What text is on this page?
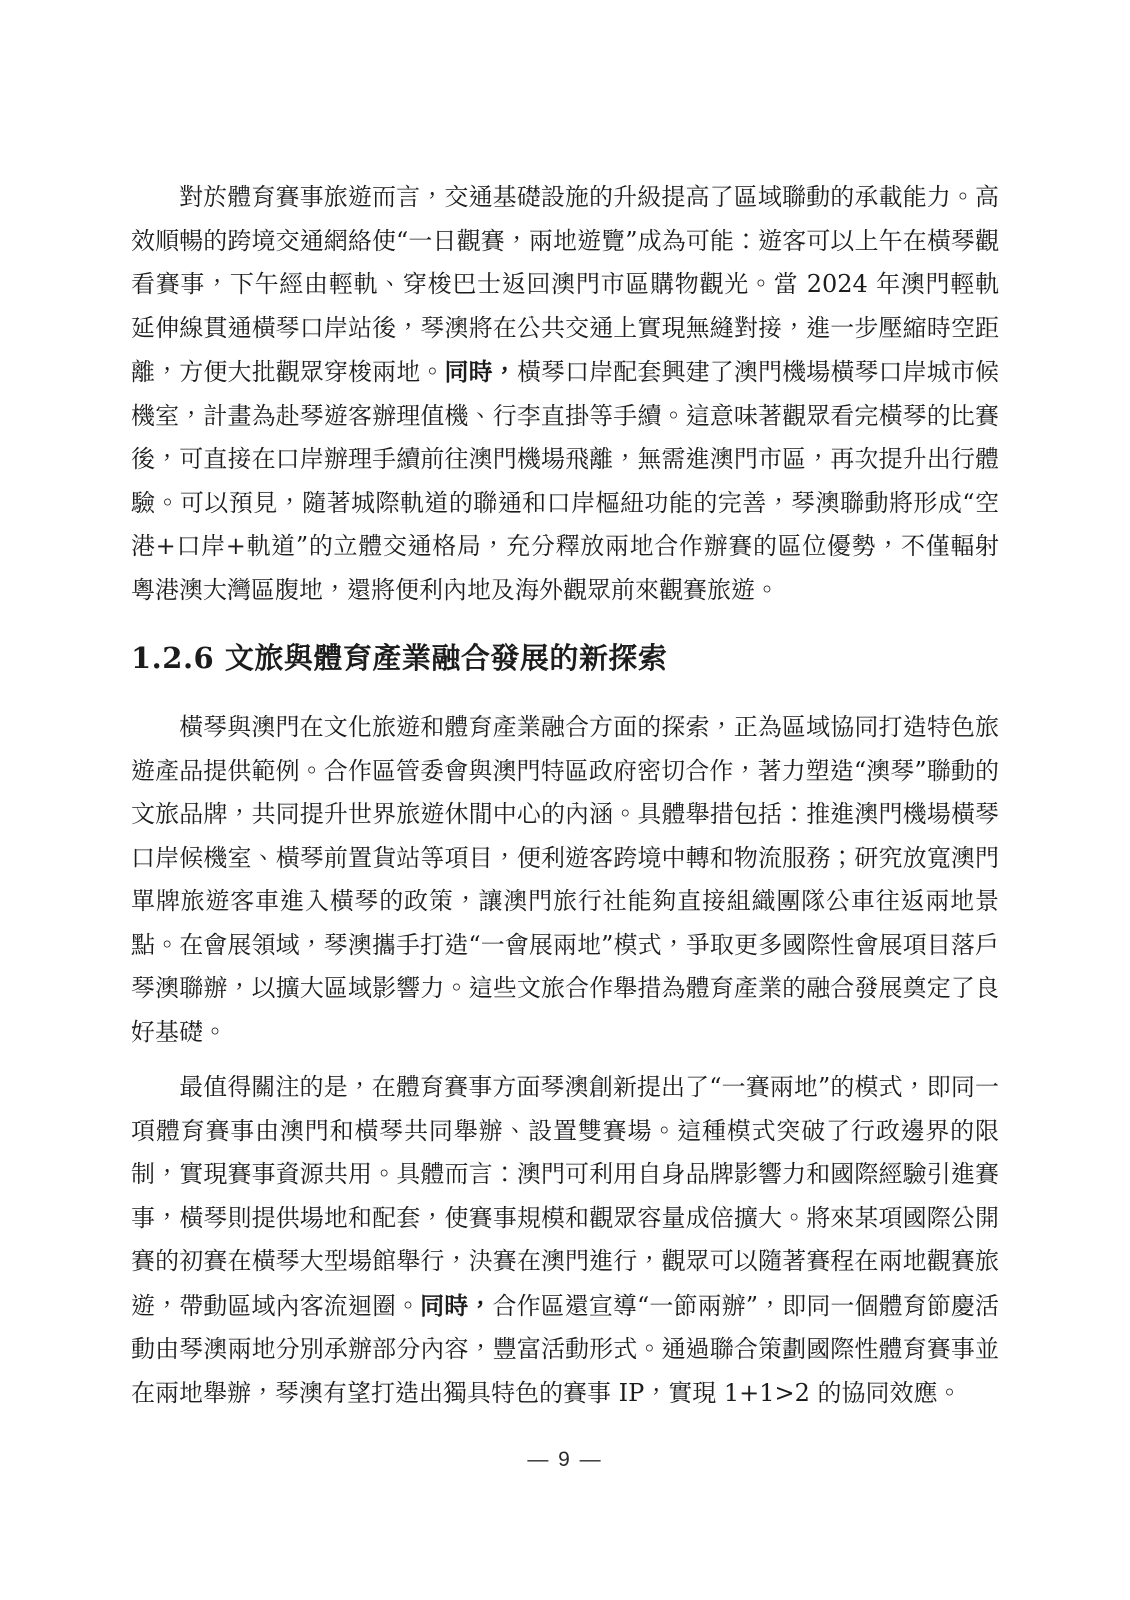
對於體育賽事旅遊而言，交通基礎設施的升級提高了區域聯動的承載能力。高效順暢的跨境交通網絡使“一日觀賽，兩地遊覽”成為可能：遊客可以上午在橫琴觀看賽事，下午經由輕軌、穿梭巴士返回澳門市區購物觀光。當 2024 年澳門輕軌延伸線貫通橫琴口岸站後，琴澳將在公共交通上實現無縫對接，進一步壓縮時空距離，方便大批觀眾穿梭兩地。同時，橫琴口岸配套興建了澳門機場橫琴口岸城市候機室，計畫為赴琴遊客辦理值機、行李直掛等手續。這意味著觀眾看完橫琴的比賽後，可直接在口岸辦理手續前往澳門機場飛離，無需進澳門市區，再次提升出行體驗。可以預見，隨著城際軌道的聯通和口岸樞紐功能的完善，琴澳聯動將形成“空港+口岸+軌道”的立體交通格局，充分釋放兩地合作辦賽的區位優勢，不僅輻射粵港澳大灣區腹地，還將便利內地及海外觀眾前來觀賽旅遊。

1.2.6 文旅與體育產業融合發展的新探索

橫琴與澳門在文化旅遊和體育產業融合方面的探索，正為區域協同打造特色旅遊產品提供範例。合作區管委會與澳門特區政府密切合作，著力塑造“澳琴”聯動的文旅品牌，共同提升世界旅遊休閒中心的內涵。具體舉措包括：推進澳門機場橫琴口岸候機室、橫琴前置貨站等項目，便利遊客跨境中轉和物流服務；研究放寬澳門單牌旅遊客車進入橫琴的政策，讓澳門旅行社能夠直接組織團隊公車往返兩地景點。在會展領域，琴澳攜手打造“一會展兩地”模式，爭取更多國際性會展項目落戶琴澳聯辦，以擴大區域影響力。這些文旅合作舉措為體育產業的融合發展奠定了良好基礎。

最值得關注的是，在體育賽事方面琴澳創新提出了“一賽兩地”的模式，即同一項體育賽事由澳門和橫琴共同舉辦、設置雙賽場。這種模式突破了行政邊界的限制，實現賽事資源共用。具體而言：澳門可利用自身品牌影響力和國際經驗引進賽事，橫琴則提供場地和配套，使賽事規模和觀眾容量成倍擴大。將來某項國際公開賽的初賽在橫琴大型場館舉行，決賽在澳門進行，觀眾可以隨著賽程在兩地觀賽旅遊，帶動區域內客流迴圈。同時，合作區還宣導“一節兩辦”，即同一個體育節慶活動由琴澳兩地分別承辦部分內容，豐富活動形式。通過聯合策劃國際性體育賽事並在兩地舉辦，琴澳有望打造出獨具特色的賽事 IP，實現 1+1>2 的協同效應。

— 9 —
